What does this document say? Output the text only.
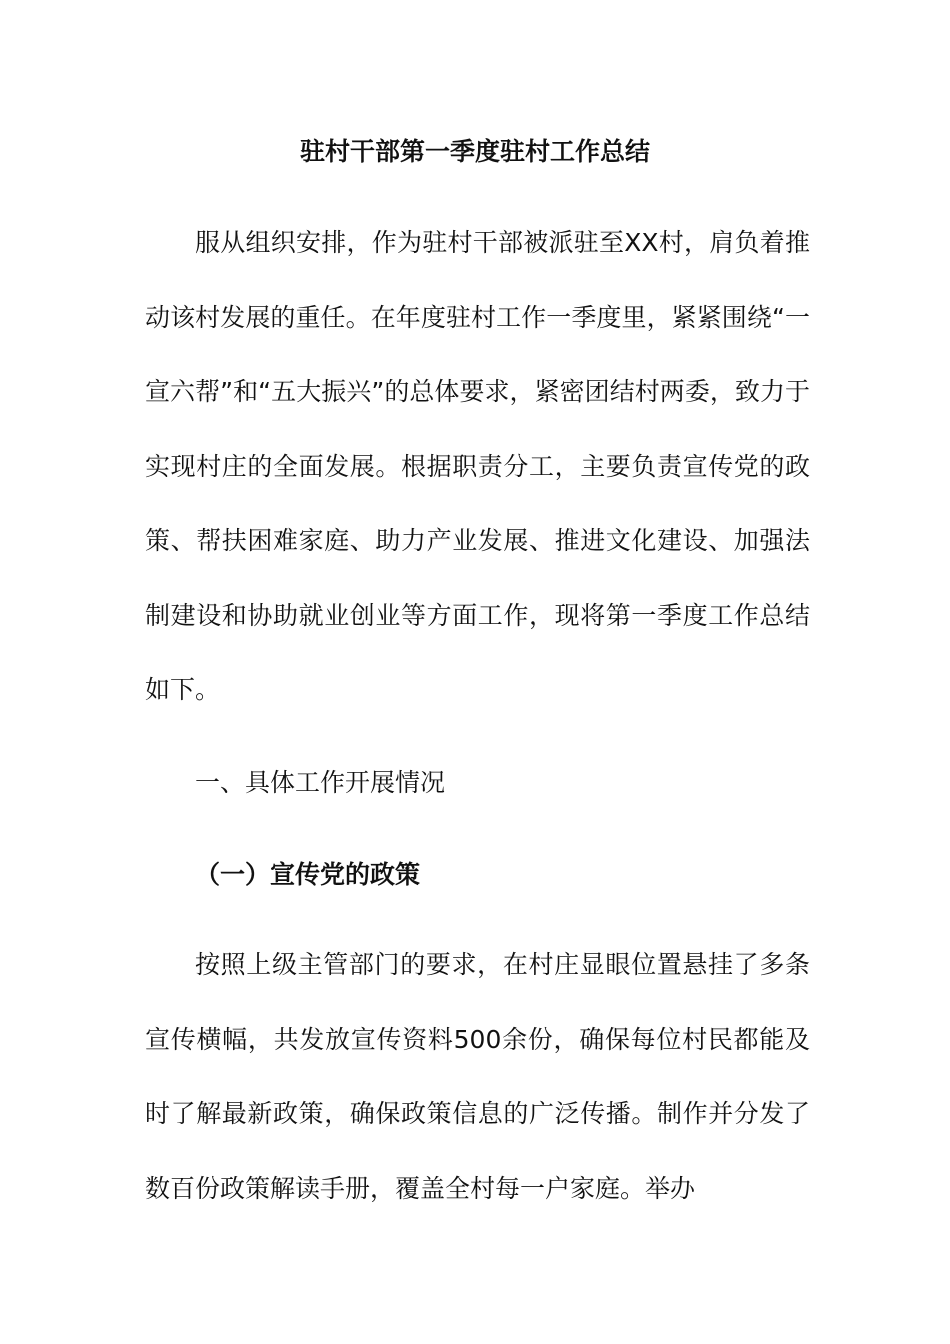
驻村干部第一季度驻村工作总结

服从组织安排，作为驻村干部被派驻至XX村，肩负着推动该村发展的重任。在年度驻村工作一季度里，紧紧围绕“一宣六帮”和“五大振兴”的总体要求，紧密团结村两委，致力于实现村庄的全面发展。根据职责分工，主要负责宣传党的政策、帮扶困难家庭、助力产业发展、推进文化建设、加强法制建设和协助就业创业等方面工作，现将第一季度工作总结如下。

一、具体工作开展情况
（一）宣传党的政策

按照上级主管部门的要求，在村庄显眼位置悬挂了多条宣传横幅，共发放宣传资料500余份，确保每位村民都能及时了解最新政策，确保政策信息的广泛传播。制作并分发了数百份政策解读手册，覆盖全村每一户家庭。举办
